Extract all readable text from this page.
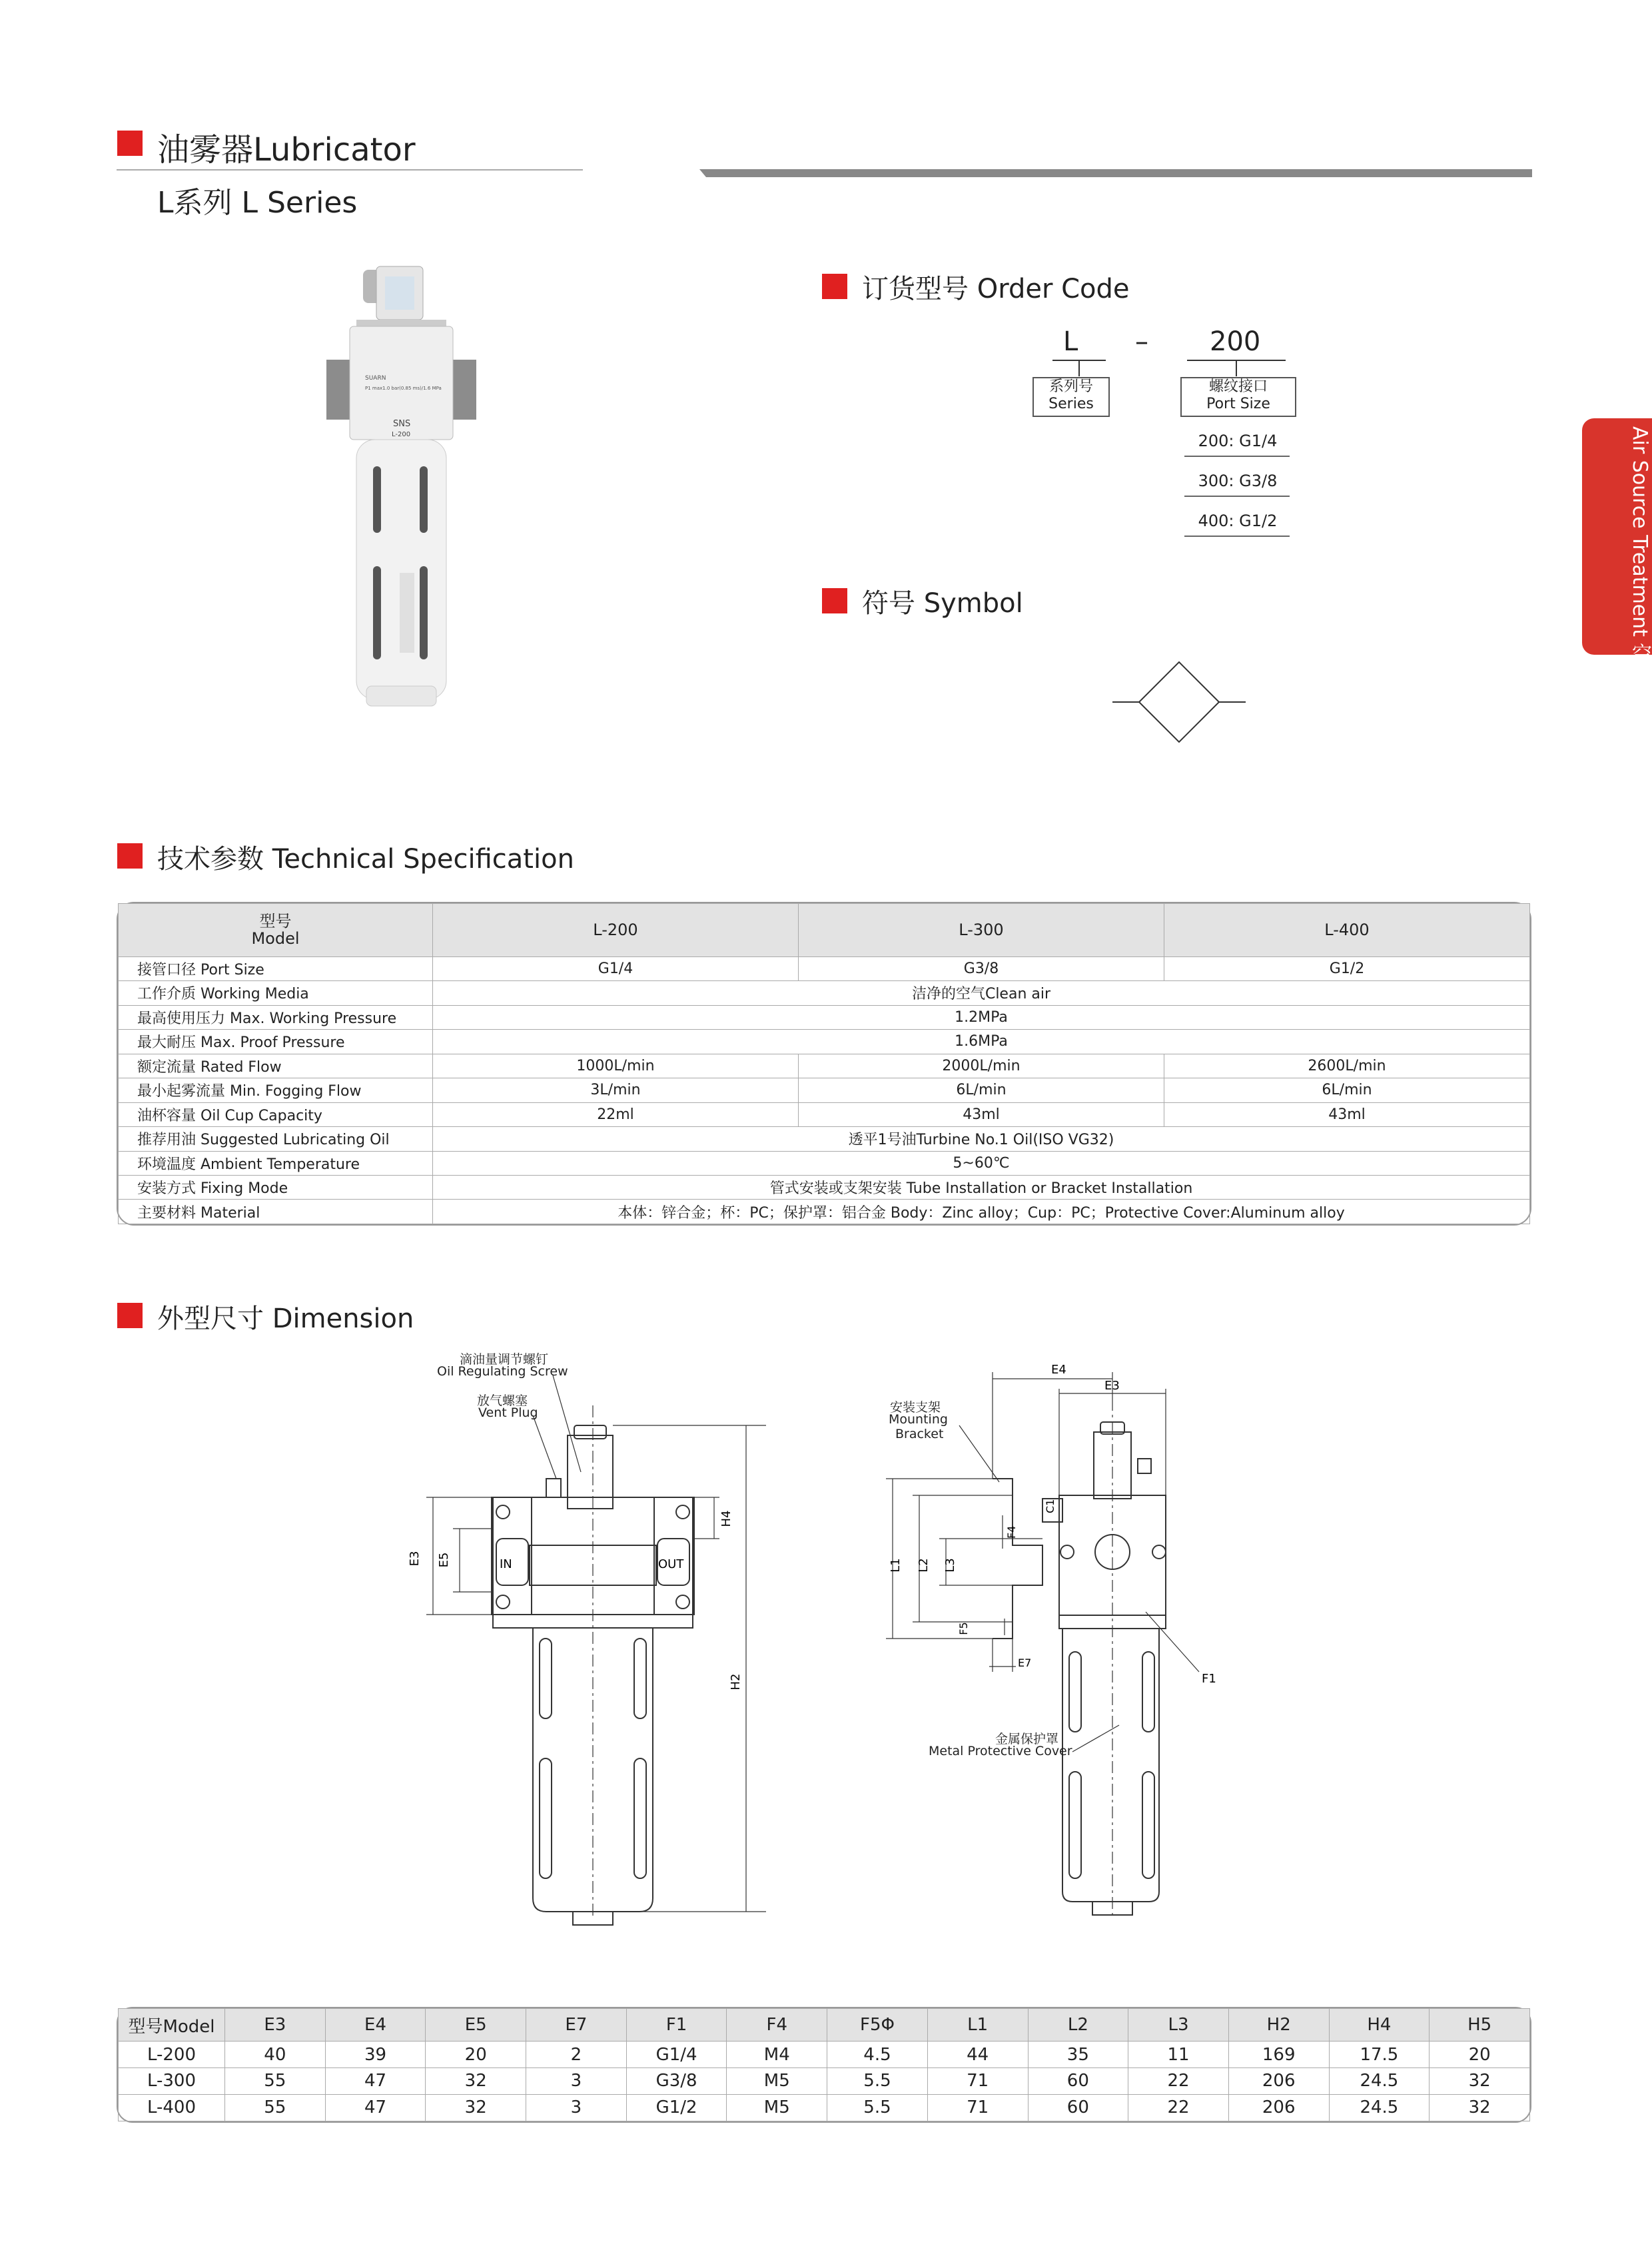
油雾器Lubricator
L系列 L Series
Air Source Treatment 空气处理元件
SUARN
P1 max1.0 bar(0.85 ms)/1.6 MPa
SNS
L-200
订货型号 Order Code
L – 200
系列号
Series
螺纹接口
Port Size
200: G1/4
300: G3/8
400: G1/2
符号 Symbol
技术参数 Technical Specification
型号
Model	L-200	L-300	L-400
接管口径 Port Size	G1/4	G3/8	G1/2
工作介质 Working Media	洁净的空气Clean air		
最高使用压力 Max. Working Pressure	1.2MPa		
最大耐压 Max. Proof Pressure	1.6MPa		
额定流量 Rated Flow	1000L/min	2000L/min	2600L/min
最小起雾流量 Min. Fogging Flow	3L/min	6L/min	6L/min
油杯容量 Oil Cup Capacity	22ml	43ml	43ml
推荐用油 Suggested Lubricating Oil	透平1号油Turbine No.1 Oil(ISO VG32)		
环境温度 Ambient Temperature	5~60℃		
安装方式 Fixing Mode	管式安装或支架安装 Tube Installation or Bracket Installation		
主要材料 Material	本体：锌合金；杯：PC；保护罩：铝合金 Body：Zinc alloy；Cup：PC；Protective Cover:Aluminum alloy		
外型尺寸 Dimension
E3 E5
H4
H2
IN	OUT
滴油量调节螺钉
Oil Regulating Screw
放气螺塞
Vent Plug
E4
E3
C1
F4
L1 L2 L3
F5
E7
F1
安装支架
Mounting
Bracket
金属保护罩
Metal Protective Cover
型号Model	E3	E4	E5	E7	F1	F4	F5Φ	L1	L2	L3	H2	H4	H5
L-200	40	39	20	2	G1/4	M4	4.5	44	35	11	169	17.5	20
L-300	55	47	32	3	G3/8	M5	5.5	71	60	22	206	24.5	32
L-400	55	47	32	3	G1/2	M5	5.5	71	60	22	206	24.5	32
